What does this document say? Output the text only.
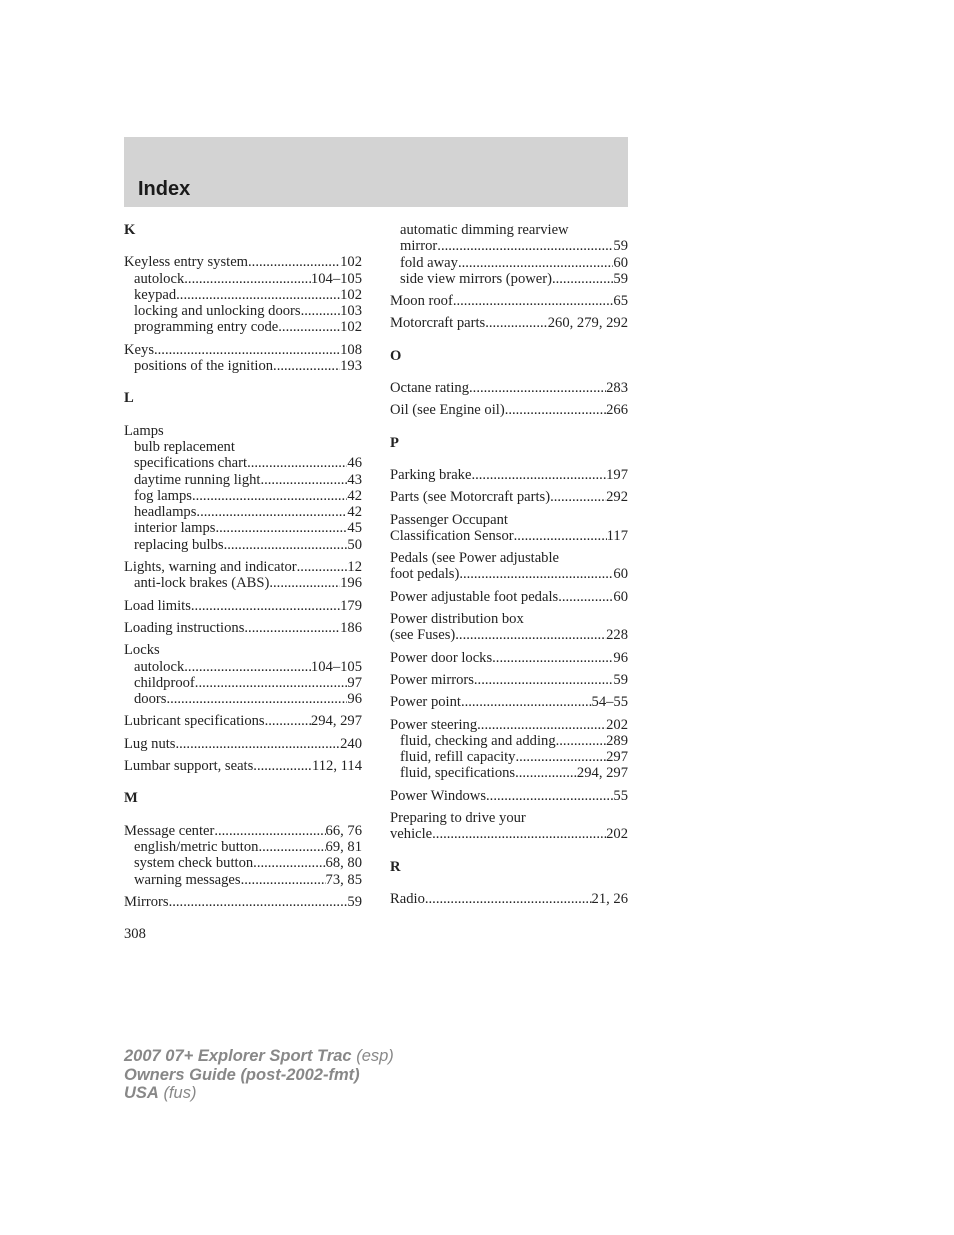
Index
K
Keyless entry system .....	102
autolock .....	104–105
keypad .....	102
locking and unlocking doors .....	103
programming entry code .....	102
Keys .....	108
positions of the ignition .....	193
L
Lamps
bulb replacement
specifications chart .....	46
daytime running light .....	43
fog lamps .....	42
headlamps .....	42
interior lamps .....	45
replacing bulbs .....	50
Lights, warning and indicator .....	12
anti-lock brakes (ABS) .....	196
Load limits .....	179
Loading instructions .....	186
Locks
autolock .....	104–105
childproof .....	97
doors .....	96
Lubricant specifications .....	294, 297
Lug nuts .....	240
Lumbar support, seats .....	112, 114
M
Message center .....	66, 76
english/metric button .....	69, 81
system check button .....	68, 80
warning messages .....	73, 85
Mirrors .....	59
automatic dimming rearview
mirror .....	59
fold away .....	60
side view mirrors (power) .....	59
Moon roof .....	65
Motorcraft parts .....	260, 279, 292
O
Octane rating .....	283
Oil (see Engine oil) .....	266
P
Parking brake .....	197
Parts (see Motorcraft parts) .....	292
Passenger Occupant
Classification Sensor .....	117
Pedals (see Power adjustable
foot pedals) .....	60
Power adjustable foot pedals .....	60
Power distribution box
(see Fuses) .....	228
Power door locks .....	96
Power mirrors .....	59
Power point .....	54–55
Power steering .....	202
fluid, checking and adding .....	289
fluid, refill capacity .....	297
fluid, specifications .....	294, 297
Power Windows .....	55
Preparing to drive your
vehicle .....	202
R
Radio .....	21, 26
308
2007 07+ Explorer Sport Trac (esp)
Owners Guide (post-2002-fmt)
USA (fus)
